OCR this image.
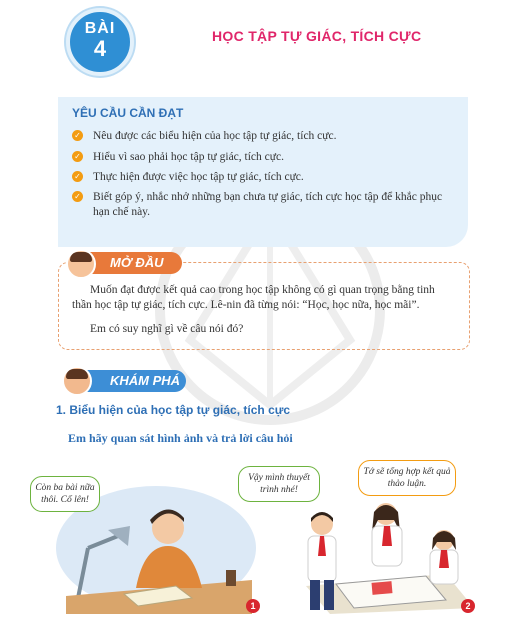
BÀI
4	HỌC TẬP TỰ GIÁC, TÍCH CỰC
YÊU CẦU CẦN ĐẠT
✓ Nêu được các biểu hiện của học tập tự giác, tích cực.
✓ Hiểu vì sao phải học tập tự giác, tích cực.
✓ Thực hiện được việc học tập tự giác, tích cực.
✓ Biết góp ý, nhắc nhở những bạn chưa tự giác, tích cực học tập để khắc phục hạn chế này.
MỞ ĐẦU
Muốn đạt được kết quả cao trong học tập không có gì quan trọng bằng tinh thần học tập tự giác, tích cực. Lê-nin đã từng nói: “Học, học nữa, học mãi”.
Em có suy nghĩ gì về câu nói đó?
KHÁM PHÁ
1. Biểu hiện của học tập tự giác, tích cực
Em hãy quan sát hình ảnh và trả lời câu hỏi
Còn ba bài nữa thôi. Cố lên!
1
Vậy mình thuyết trình nhé!
Tớ sẽ tổng hợp kết quả thảo luận.
2
